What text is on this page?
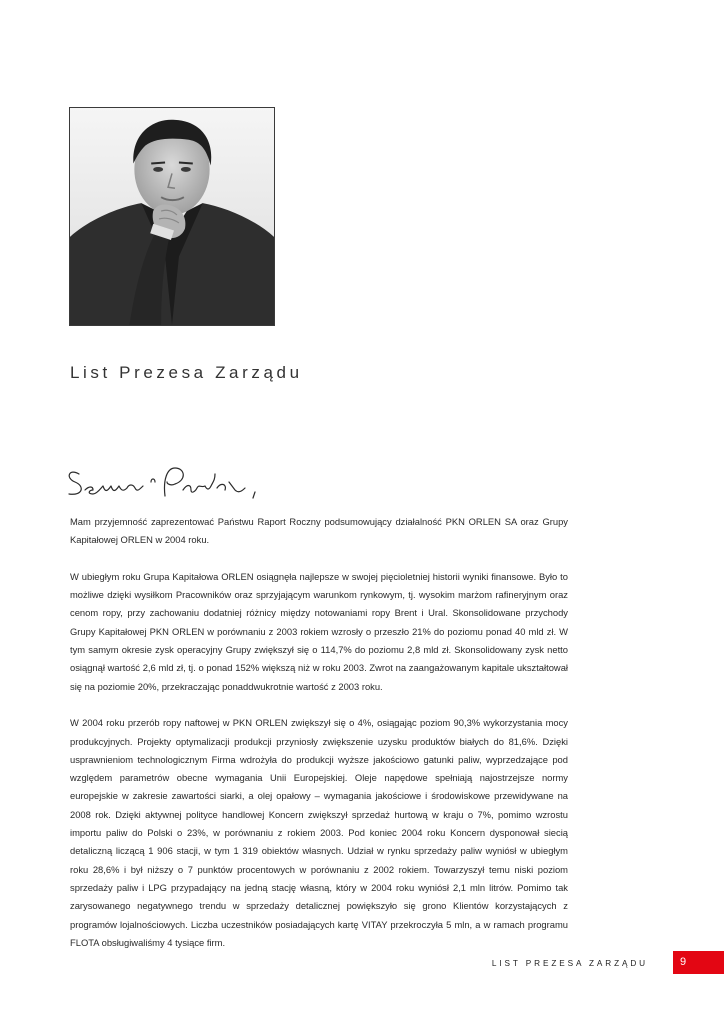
List Prezesa Zarządu
Szanowni Państwo,

Mam przyjemność zaprezentować Państwu Raport Roczny podsumowujący działalność PKN ORLEN SA oraz Grupy Kapitałowej ORLEN w 2004 roku.

W ubiegłym roku Grupa Kapitałowa ORLEN osiągnęła najlepsze w swojej pięcioletniej historii wyniki finansowe. Było to możliwe dzięki wysiłkom Pracowników oraz sprzyjającym warunkom rynkowym, tj. wysokim marżom rafineryjnym oraz cenom ropy, przy zachowaniu dodatniej różnicy między notowaniami ropy Brent i Ural. Skonsolidowane przychody Grupy Kapitałowej PKN ORLEN w porównaniu z 2003 rokiem wzrosły o przeszło 21% do poziomu ponad 40 mld zł. W tym samym okresie zysk operacyjny Grupy zwiększył się o 114,7% do poziomu 2,8 mld zł. Skonsolidowany zysk netto osiągnął wartość 2,6 mld zł, tj. o ponad 152% większą niż w roku 2003. Zwrot na zaangażowanym kapitale ukształtował się na poziomie 20%, przekraczając ponaddwukrotnie wartość z 2003 roku.

W 2004 roku przerób ropy naftowej w PKN ORLEN zwiększył się o 4%, osiągając poziom 90,3% wykorzystania mocy produkcyjnych. Projekty optymalizacji produkcji przyniosły zwiększenie uzysku produktów białych do 81,6%. Dzięki usprawnieniom technologicznym Firma wdrożyła do produkcji wyższe jakościowo gatunki paliw, wyprzedzające pod względem parametrów obecne wymagania Unii Europejskiej. Oleje napędowe spełniają najostrzejsze normy europejskie w zakresie zawartości siarki, a olej opałowy – wymagania jakościowe i środowiskowe przewidywane na 2008 rok. Dzięki aktywnej polityce handlowej Koncern zwiększył sprzedaż hurtową w kraju o 7%, pomimo wzrostu importu paliw do Polski o 23%, w porównaniu z rokiem 2003. Pod koniec 2004 roku Koncern dysponował siecią detaliczną liczącą 1 906 stacji, w tym 1 319 obiektów własnych. Udział w rynku sprzedaży paliw wyniósł w ubiegłym roku 28,6% i był niższy o 7 punktów procentowych w porównaniu z 2002 rokiem. Towarzyszył temu niski poziom sprzedaży paliw i LPG przypadający na jedną stację własną, który w 2004 roku wyniósł 2,1 mln litrów. Pomimo tak zarysowanego negatywnego trendu w sprzedaży detalicznej powiększyło się grono Klientów korzystających z programów lojalnościowych. Liczba uczestników posiadających kartę VITAY przekroczyła 5 mln, a w ramach programu FLOTA obsługiwaliśmy 4 tysiące firm.

LIST PREZESA ZARZĄDU	9
